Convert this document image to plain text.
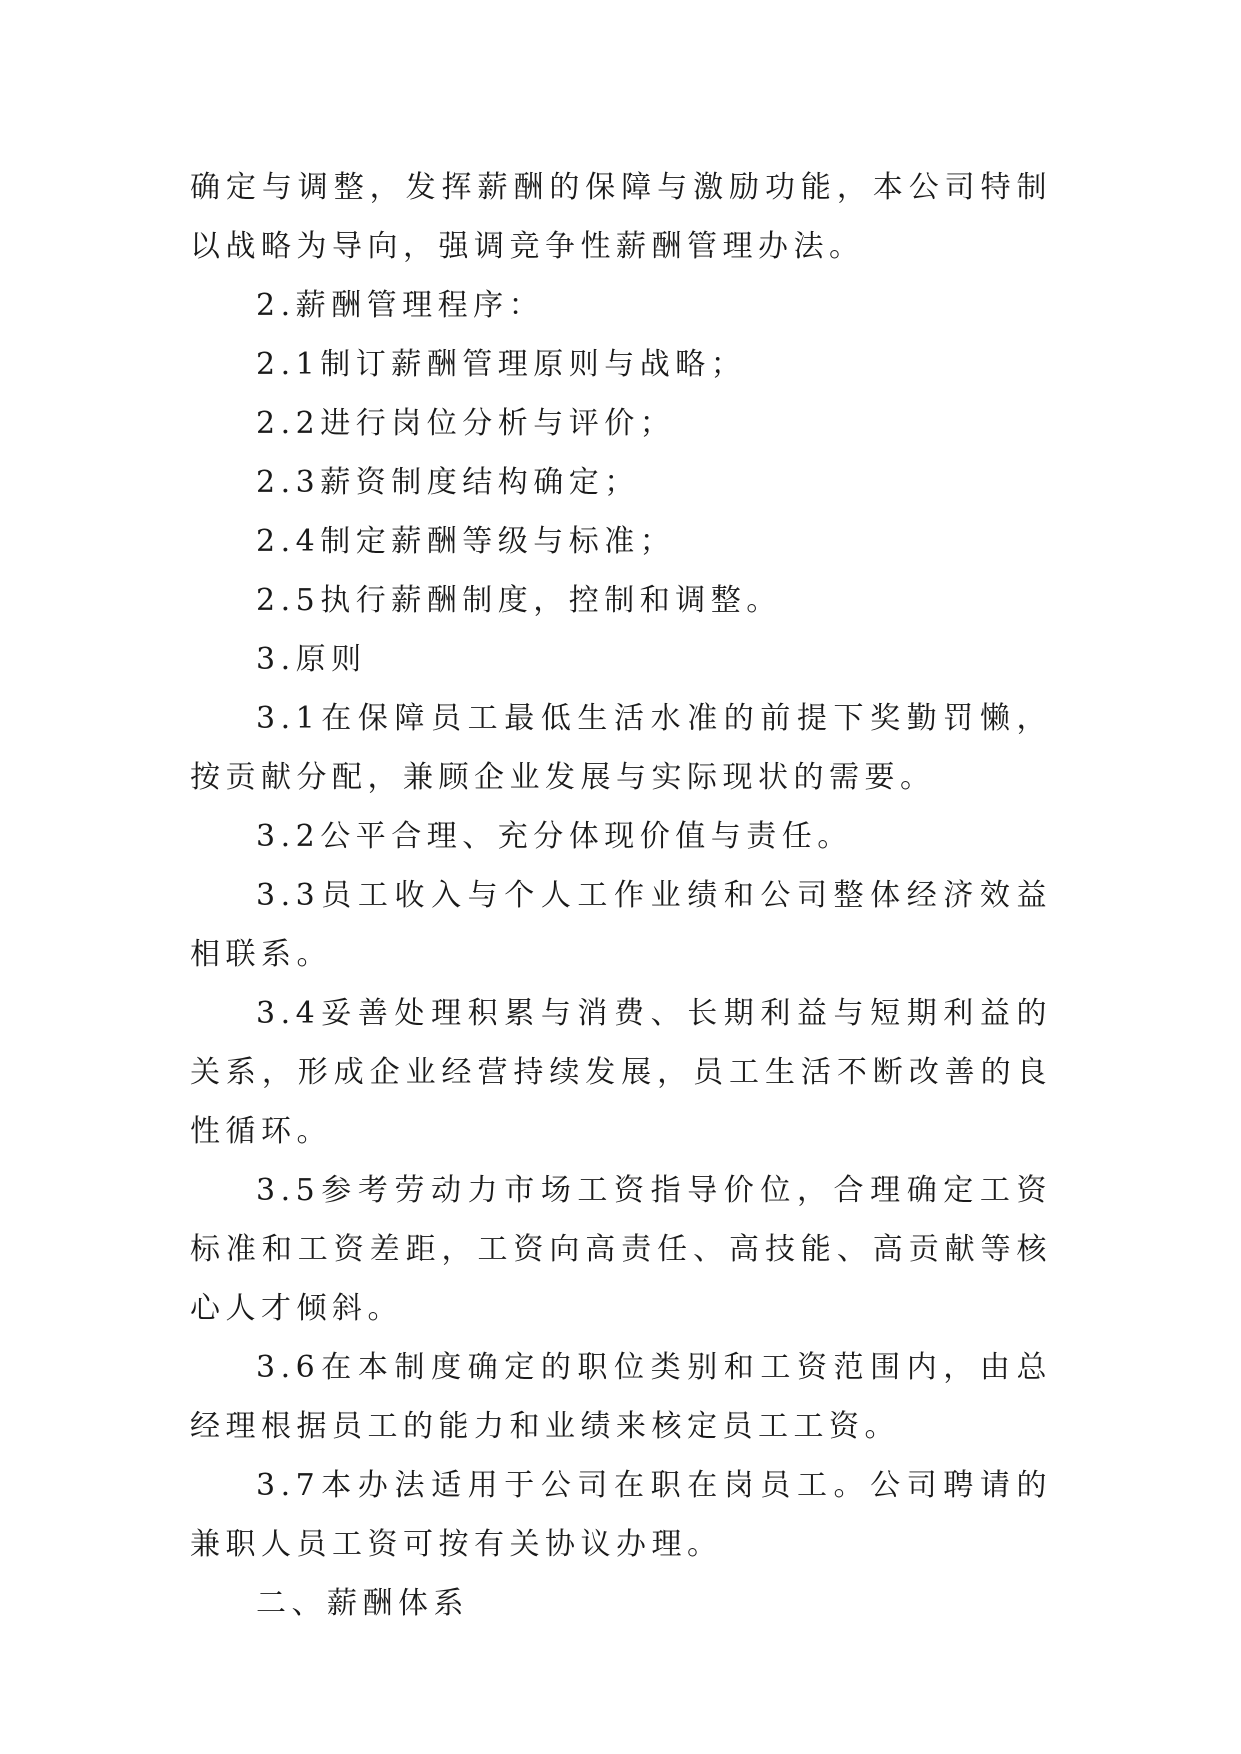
确定与调整，发挥薪酬的保障与激励功能，本公司特制以战略为导向，强调竞争性薪酬管理办法。

2.薪酬管理程序：

2.1制订薪酬管理原则与战略；

2.2进行岗位分析与评价；

2.3薪资制度结构确定；

2.4制定薪酬等级与标准；

2.5执行薪酬制度，控制和调整。

3.原则

3.1在保障员工最低生活水准的前提下奖勤罚懒，按贡献分配，兼顾企业发展与实际现状的需要。

3.2公平合理、充分体现价值与责任。

3.3员工收入与个人工作业绩和公司整体经济效益相联系。

3.4妥善处理积累与消费、长期利益与短期利益的关系，形成企业经营持续发展，员工生活不断改善的良性循环。

3.5参考劳动力市场工资指导价位，合理确定工资标准和工资差距，工资向高责任、高技能、高贡献等核心人才倾斜。

3.6在本制度确定的职位类别和工资范围内，由总经理根据员工的能力和业绩来核定员工工资。

3.7本办法适用于公司在职在岗员工。公司聘请的兼职人员工资可按有关协议办理。

二、薪酬体系
